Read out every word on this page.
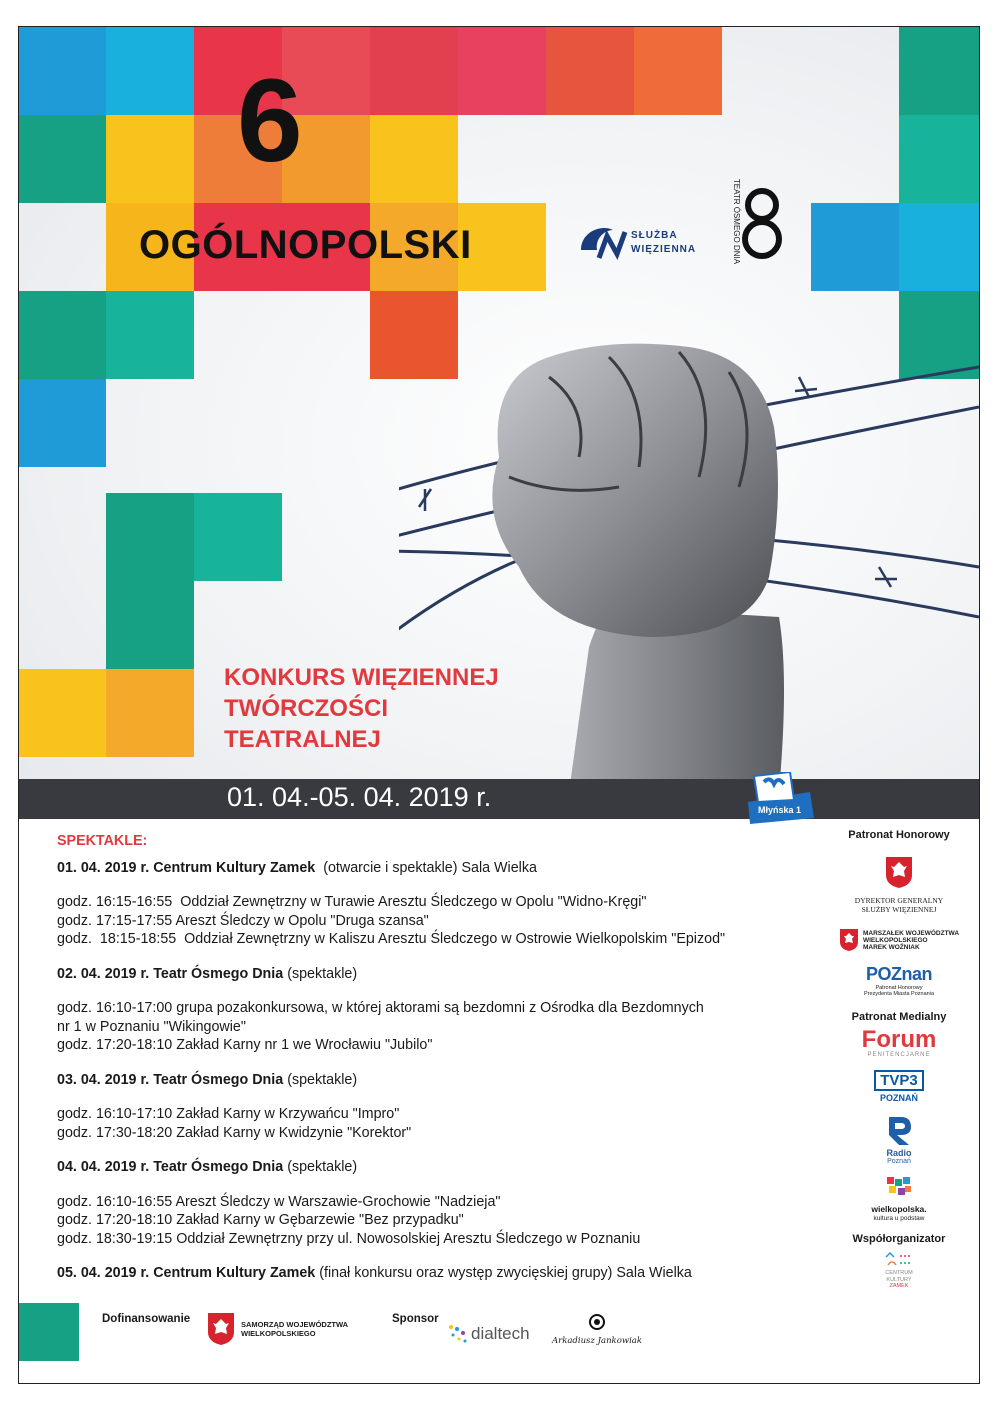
6
OGÓLNOPOLSKI	SŁUŻBA
WIĘZIENNA	TEATR ÓSMEGO DNIA
KONKURS WIĘZIENNEJ
TWÓRCZOŚCI
TEATRALNEJ
01. 04.-05. 04. 2019 r.	Młyńska 1
SPEKTAKLE:
01. 04. 2019 r. Centrum Kultury Zamek  (otwarcie i spektakle) Sala Wielka
godz. 16:15-16:55  Oddział Zewnętrzny w Turawie Aresztu Śledczego w Opolu "Widno-Kręgi"
godz. 17:15-17:55 Areszt Śledczy w Opolu "Druga szansa"
godz.  18:15-18:55  Oddział Zewnętrzny w Kaliszu Aresztu Śledczego w Ostrowie Wielkopolskim "Epizod"
02. 04. 2019 r. Teatr Ósmego Dnia (spektakle)
godz. 16:10-17:00 grupa pozakonkursowa, w której aktorami są bezdomni z Ośrodka dla Bezdomnych
nr 1 w Poznaniu "Wikingowie"
godz. 17:20-18:10 Zakład Karny nr 1 we Wrocławiu "Jubilo"
03. 04. 2019 r. Teatr Ósmego Dnia (spektakle)
godz. 16:10-17:10 Zakład Karny w Krzywańcu "Impro"
godz. 17:30-18:20 Zakład Karny w Kwidzynie "Korektor"
04. 04. 2019 r. Teatr Ósmego Dnia (spektakle)
godz. 16:10-16:55 Areszt Śledczy w Warszawie-Grochowie "Nadzieja"
godz. 17:20-18:10 Zakład Karny w Gębarzewie "Bez przypadku"
godz. 18:30-19:15 Oddział Zewnętrzny przy ul. Nowosolskiej Aresztu Śledczego w Poznaniu
05. 04. 2019 r. Centrum Kultury Zamek (finał konkursu oraz występ zwycięskiej grupy) Sala Wielka
Patronat Honorowy
DYREKTOR GENERALNY
SŁUŻBY WIĘZIENNEJ
MARSZAŁEK WOJEWÓDZTWA
WIELKOPOLSKIEGO
MAREK WOŹNIAK
POZnan
Patronat Honorowy
Prezydenta Miasta Poznania
Patronat Medialny
Forum
PENITENCJARNE
TVP3
POZNAŃ
Radio
Poznań
wielkopolska.
kultura u podstaw
Współorganizator
CENTRUM
KULTURY
ZAMEK
Dofinansowanie	SAMORZĄD WOJEWÓDZTWA
WIELKOPOLSKIEGO
Sponsor
dialtech	Arkadiusz Jankowiak
